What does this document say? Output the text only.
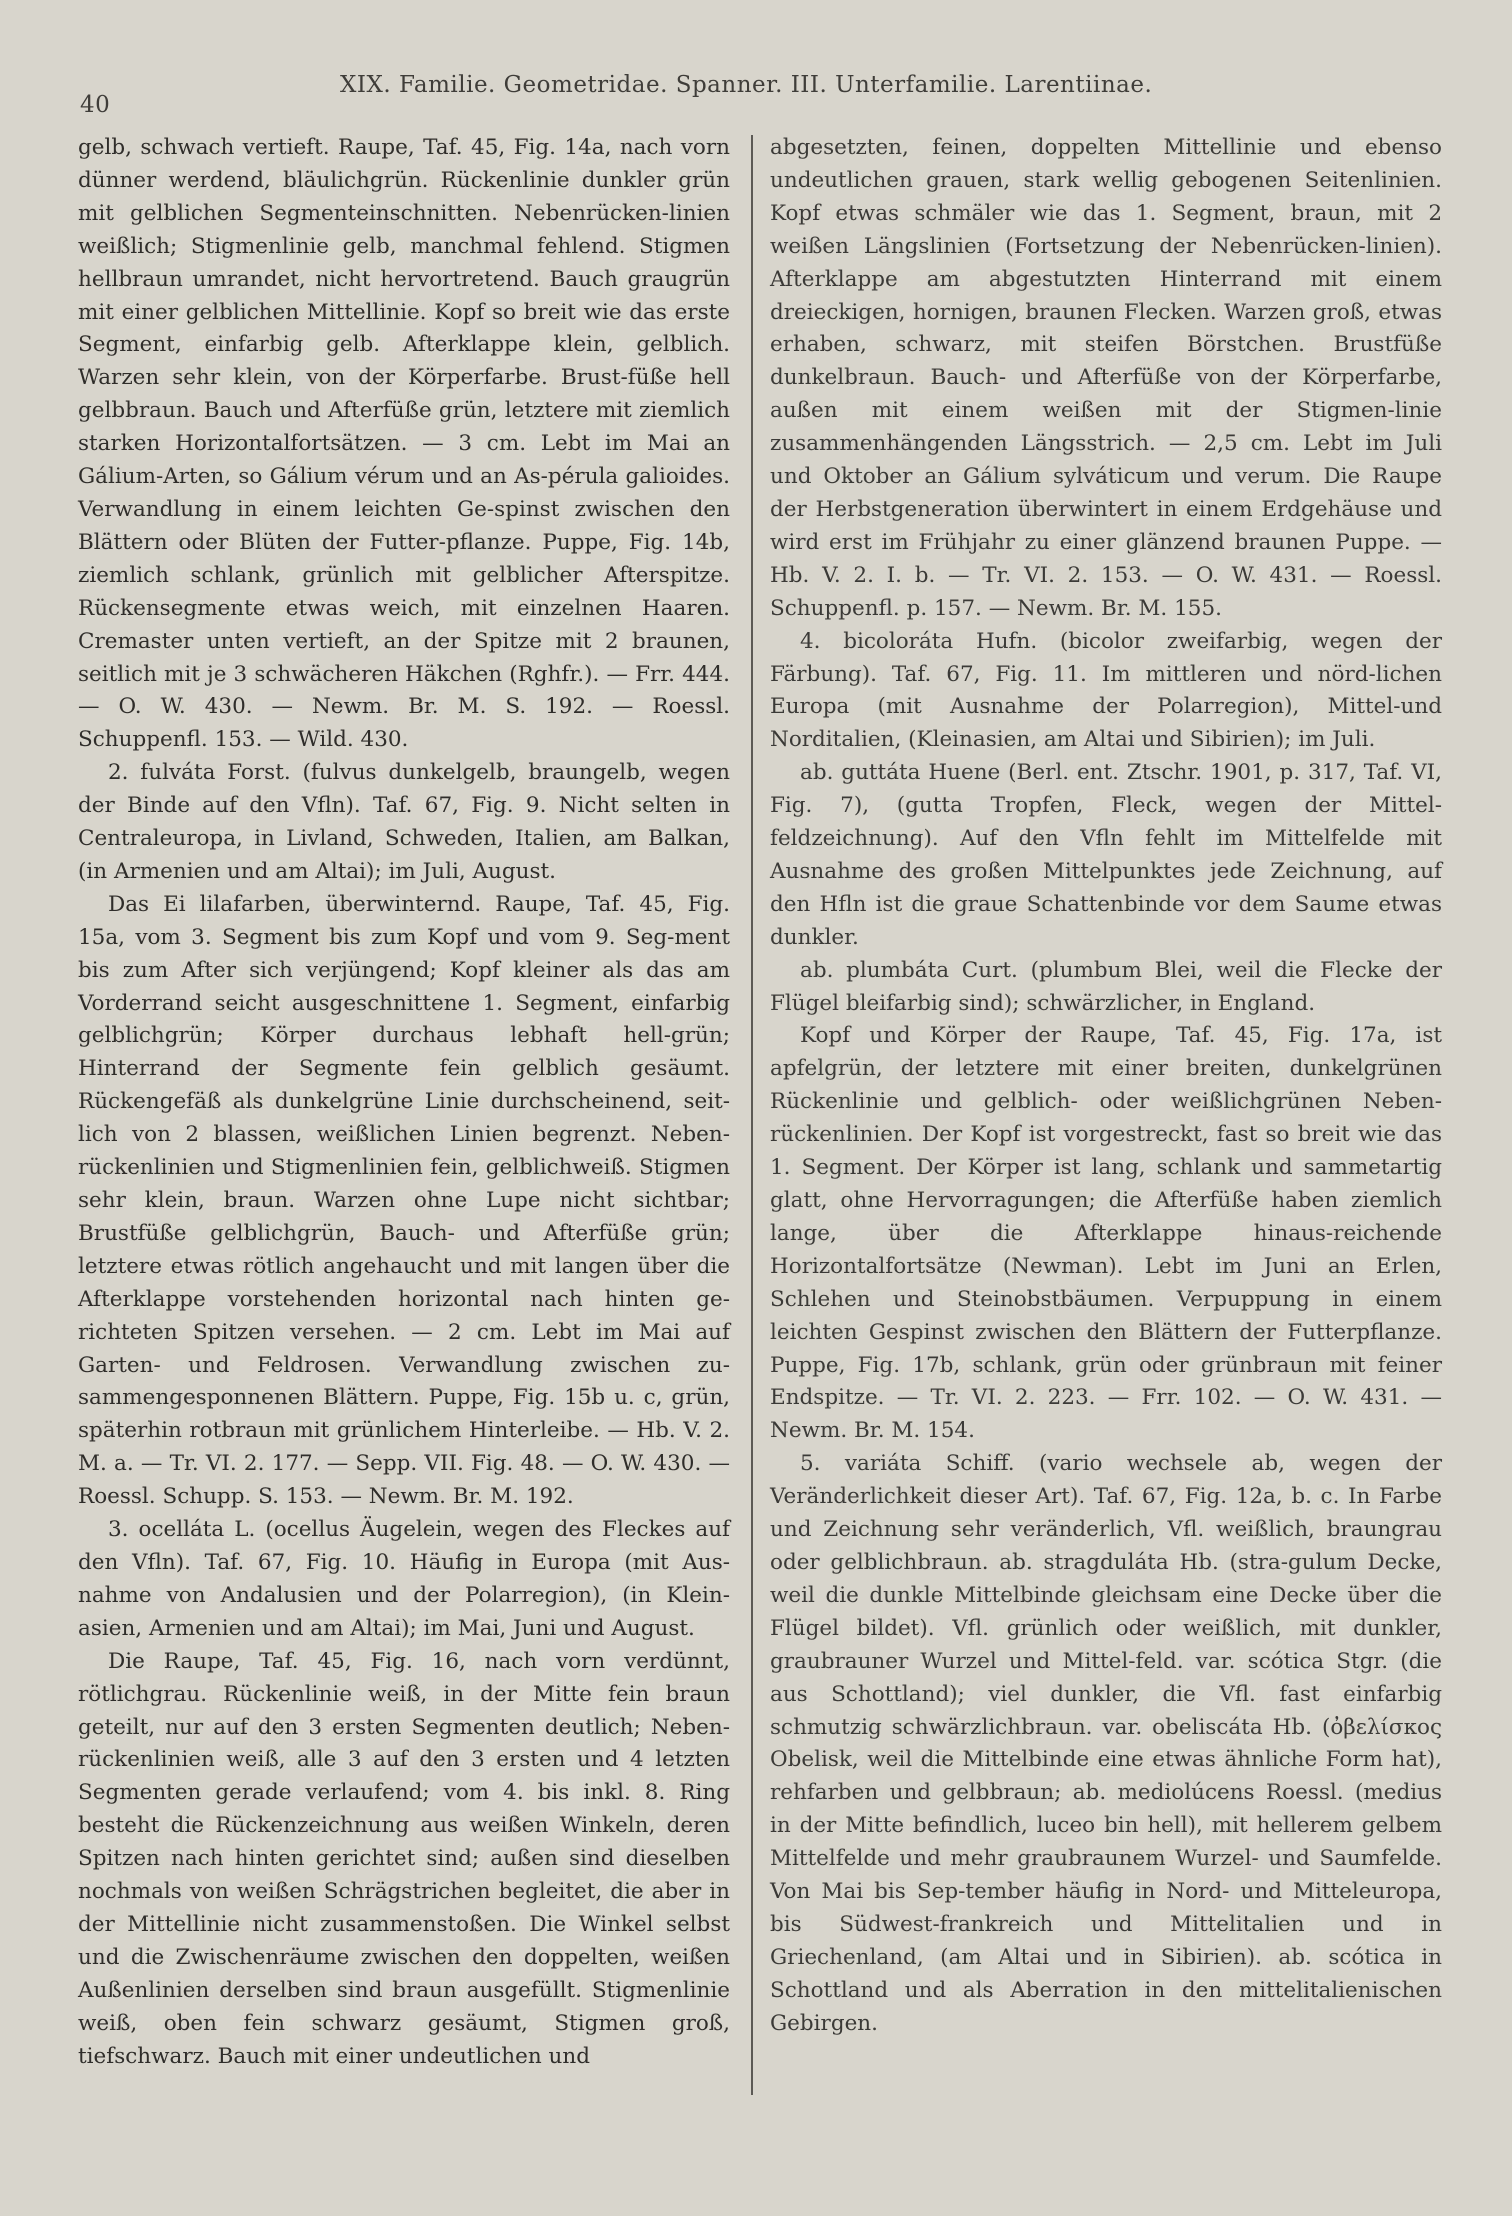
40
XIX. Familie. Geometridae. Spanner. III. Unterfamilie. Larentiinae.

gelb, schwach vertieft. Raupe, Taf. 45, Fig. 14a, nach vorn dünner werdend, bläulichgrün. Rückenlinie dunkler grün mit gelblichen Segmenteinschnitten. Nebenrücken-linien weißlich; Stigmenlinie gelb, manchmal fehlend. Stigmen hellbraun umrandet, nicht hervortretend. Bauch graugrün mit einer gelblichen Mittellinie. Kopf so breit wie das erste Segment, einfarbig gelb. Afterklappe klein, gelblich. Warzen sehr klein, von der Körperfarbe. Brust-füße hell gelbbraun. Bauch und Afterfüße grün, letztere mit ziemlich starken Horizontalfortsätzen. — 3 cm. Lebt im Mai an Gálium-Arten, so Gálium vérum und an As-pérula galioides. Verwandlung in einem leichten Ge-spinst zwischen den Blättern oder Blüten der Futter-pflanze. Puppe, Fig. 14b, ziemlich schlank, grünlich mit gelblicher Afterspitze. Rückensegmente etwas weich, mit einzelnen Haaren. Cremaster unten vertieft, an der Spitze mit 2 braunen, seitlich mit je 3 schwächeren Häkchen (Rghfr.). — Frr. 444. — O. W. 430. — Newm. Br. M. S. 192. — Roessl. Schuppenfl. 153. — Wild. 430.

2. fulváta Forst. (fulvus dunkelgelb, braungelb, wegen der Binde auf den Vfln). Taf. 67, Fig. 9. Nicht selten in Centraleuropa, in Livland, Schweden, Italien, am Balkan, (in Armenien und am Altai); im Juli, August.

Das Ei lilafarben, überwinternd. Raupe, Taf. 45, Fig. 15a, vom 3. Segment bis zum Kopf und vom 9. Seg-ment bis zum After sich verjüngend; Kopf kleiner als das am Vorderrand seicht ausgeschnittene 1. Segment, einfarbig gelblichgrün; Körper durchaus lebhaft hell-grün; Hinterrand der Segmente fein gelblich gesäumt. Rückengefäß als dunkelgrüne Linie durchscheinend, seit-lich von 2 blassen, weißlichen Linien begrenzt. Neben-rückenlinien und Stigmenlinien fein, gelblichweiß. Stigmen sehr klein, braun. Warzen ohne Lupe nicht sichtbar; Brustfüße gelblichgrün, Bauch- und Afterfüße grün; letztere etwas rötlich angehaucht und mit langen über die Afterklappe vorstehenden horizontal nach hinten ge-richteten Spitzen versehen. — 2 cm. Lebt im Mai auf Garten- und Feldrosen. Verwandlung zwischen zu-sammengesponnenen Blättern. Puppe, Fig. 15b u. c, grün, späterhin rotbraun mit grünlichem Hinterleibe. — Hb. V. 2. M. a. — Tr. VI. 2. 177. — Sepp. VII. Fig. 48. — O. W. 430. — Roessl. Schupp. S. 153. — Newm. Br. M. 192.

3. ocelláta L. (ocellus Äugelein, wegen des Fleckes auf den Vfln). Taf. 67, Fig. 10. Häufig in Europa (mit Aus-nahme von Andalusien und der Polarregion), (in Klein-asien, Armenien und am Altai); im Mai, Juni und August.

Die Raupe, Taf. 45, Fig. 16, nach vorn verdünnt, rötlichgrau. Rückenlinie weiß, in der Mitte fein braun geteilt, nur auf den 3 ersten Segmenten deutlich; Neben-rückenlinien weiß, alle 3 auf den 3 ersten und 4 letzten Segmenten gerade verlaufend; vom 4. bis inkl. 8. Ring besteht die Rückenzeichnung aus weißen Winkeln, deren Spitzen nach hinten gerichtet sind; außen sind dieselben nochmals von weißen Schrägstrichen begleitet, die aber in der Mittellinie nicht zusammenstoßen. Die Winkel selbst und die Zwischenräume zwischen den doppelten, weißen Außenlinien derselben sind braun ausgefüllt. Stigmenlinie weiß, oben fein schwarz gesäumt, Stigmen groß, tiefschwarz. Bauch mit einer undeutlichen und

abgesetzten, feinen, doppelten Mittellinie und ebenso undeutlichen grauen, stark wellig gebogenen Seitenlinien. Kopf etwas schmäler wie das 1. Segment, braun, mit 2 weißen Längslinien (Fortsetzung der Nebenrücken-linien). Afterklappe am abgestutzten Hinterrand mit einem dreieckigen, hornigen, braunen Flecken. Warzen groß, etwas erhaben, schwarz, mit steifen Börstchen. Brustfüße dunkelbraun. Bauch- und Afterfüße von der Körperfarbe, außen mit einem weißen mit der Stigmen-linie zusammenhängenden Längsstrich. — 2,5 cm. Lebt im Juli und Oktober an Gálium sylváticum und verum. Die Raupe der Herbstgeneration überwintert in einem Erdgehäuse und wird erst im Frühjahr zu einer glänzend braunen Puppe. — Hb. V. 2. I. b. — Tr. VI. 2. 153. — O. W. 431. — Roessl. Schuppenfl. p. 157. — Newm. Br. M. 155.

4. bicoloráta Hufn. (bicolor zweifarbig, wegen der Färbung). Taf. 67, Fig. 11. Im mittleren und nörd-lichen Europa (mit Ausnahme der Polarregion), Mittel-und Norditalien, (Kleinasien, am Altai und Sibirien); im Juli.

ab. guttáta Huene (Berl. ent. Ztschr. 1901, p. 317, Taf. VI, Fig. 7), (gutta Tropfen, Fleck, wegen der Mittel-feldzeichnung). Auf den Vfln fehlt im Mittelfelde mit Ausnahme des großen Mittelpunktes jede Zeichnung, auf den Hfln ist die graue Schattenbinde vor dem Saume etwas dunkler.

ab. plumbáta Curt. (plumbum Blei, weil die Flecke der Flügel bleifarbig sind); schwärzlicher, in England.

Kopf und Körper der Raupe, Taf. 45, Fig. 17a, ist apfelgrün, der letztere mit einer breiten, dunkelgrünen Rückenlinie und gelblich- oder weißlichgrünen Neben-rückenlinien. Der Kopf ist vorgestreckt, fast so breit wie das 1. Segment. Der Körper ist lang, schlank und sammetartig glatt, ohne Hervorragungen; die Afterfüße haben ziemlich lange, über die Afterklappe hinaus-reichende Horizontalfortsätze (Newman). Lebt im Juni an Erlen, Schlehen und Steinobstbäumen. Verpuppung in einem leichten Gespinst zwischen den Blättern der Futterpflanze. Puppe, Fig. 17b, schlank, grün oder grünbraun mit feiner Endspitze. — Tr. VI. 2. 223. — Frr. 102. — O. W. 431. — Newm. Br. M. 154.

5. variáta Schiff. (vario wechsele ab, wegen der Veränderlichkeit dieser Art). Taf. 67, Fig. 12a, b. c. In Farbe und Zeichnung sehr veränderlich, Vfl. weißlich, braungrau oder gelblichbraun. ab. stragduláta Hb. (stra-gulum Decke, weil die dunkle Mittelbinde gleichsam eine Decke über die Flügel bildet). Vfl. grünlich oder weißlich, mit dunkler, graubrauner Wurzel und Mittel-feld. var. scótica Stgr. (die aus Schottland); viel dunkler, die Vfl. fast einfarbig schmutzig schwärzlichbraun. var. obeliscáta Hb. (ὀβελίσκος Obelisk, weil die Mittelbinde eine etwas ähnliche Form hat), rehfarben und gelbbraun; ab. mediolúcens Roessl. (medius in der Mitte befindlich, luceo bin hell), mit hellerem gelbem Mittelfelde und mehr graubraunem Wurzel- und Saumfelde. Von Mai bis Sep-tember häufig in Nord- und Mitteleuropa, bis Südwest-frankreich und Mittelitalien und in Griechenland, (am Altai und in Sibirien). ab. scótica in Schottland und als Aberration in den mittelitalienischen Gebirgen.
